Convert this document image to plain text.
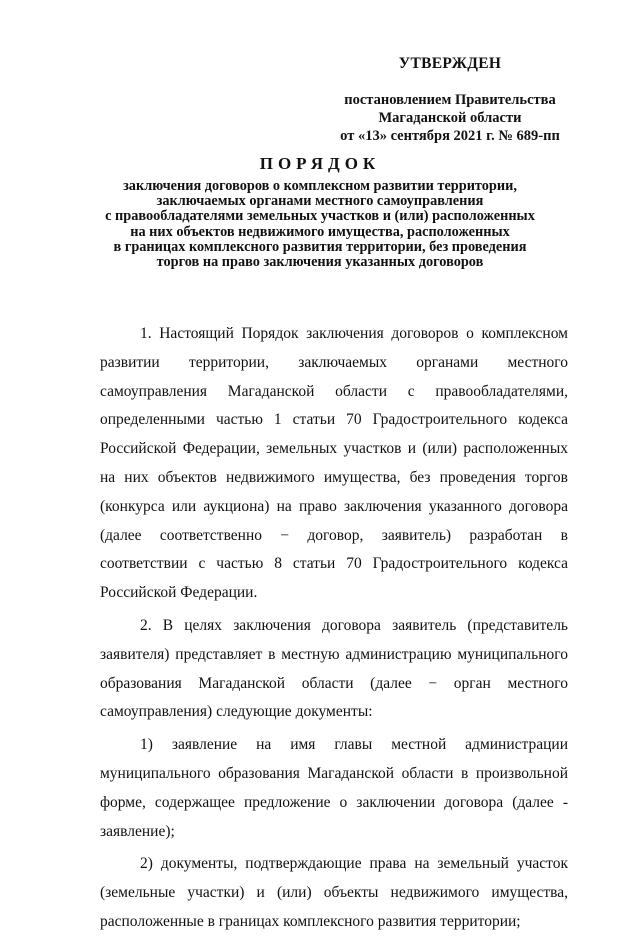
УТВЕРЖДЕН
постановлением Правительства
Магаданской области
от «13» сентября 2021 г. № 689-пп
ПОРЯДОК
заключения договоров о комплексном развитии территории,
заключаемых органами местного самоуправления
с правообладателями земельных участков и (или) расположенных
на них объектов недвижимого имущества, расположенных
в границах комплексного развития территории, без проведения
торгов на право заключения указанных договоров

1. Настоящий Порядок заключения договоров о комплексном развитии территории, заключаемых органами местного самоуправления Магаданской области с правообладателями, определенными частью 1 статьи 70 Градостроительного кодекса Российской Федерации, земельных участков и (или) расположенных на них объектов недвижимого имущества, без проведения торгов (конкурса или аукциона) на право заключения указанного договора (далее соответственно − договор, заявитель) разработан в соответствии с частью 8 статьи 70 Градостроительного кодекса Российской Федерации.

2. В целях заключения договора заявитель (представитель заявителя) представляет в местную администрацию муниципального образования Магаданской области (далее − орган местного самоуправления) следующие документы:

1) заявление на имя главы местной администрации муниципального образования Магаданской области в произвольной форме, содержащее предложение о заключении договора (далее - заявление);

2) документы, подтверждающие права на земельный участок (земельные участки) и (или) объекты недвижимого имущества, расположенные в границах комплексного развития территории;
